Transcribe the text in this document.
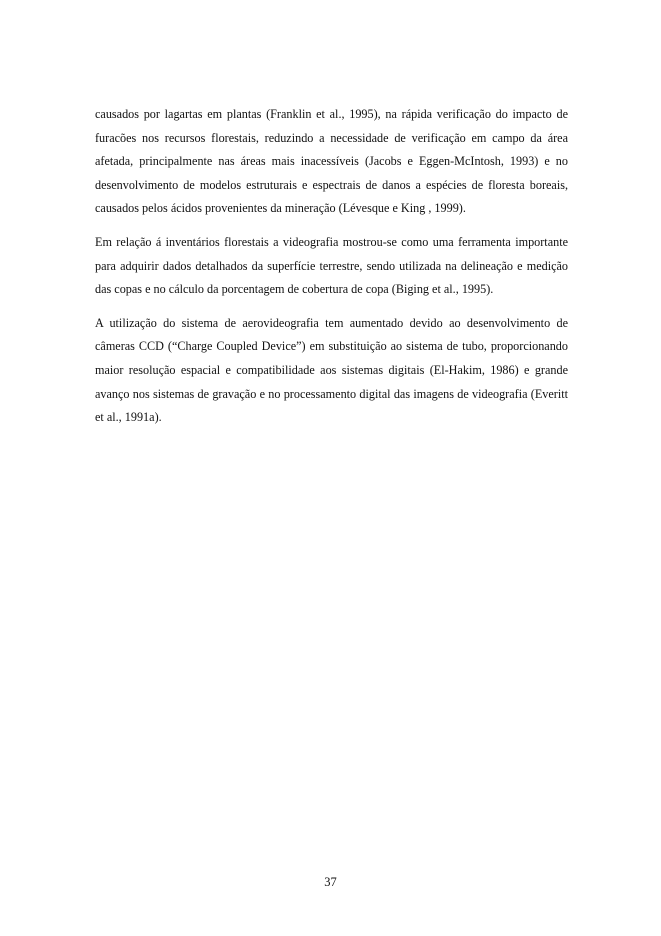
causados por lagartas em plantas (Franklin et al., 1995), na rápida verificação do impacto de furacões nos recursos florestais, reduzindo a necessidade de verificação em campo da área afetada, principalmente nas áreas mais inacessíveis (Jacobs e Eggen-McIntosh, 1993) e no desenvolvimento de modelos estruturais e espectrais de danos a espécies de floresta boreais, causados pelos ácidos provenientes da mineração (Lévesque e King , 1999).

Em relação á inventários florestais a videografia mostrou-se como uma ferramenta importante para adquirir dados detalhados da superfície terrestre, sendo utilizada na delineação e medição das copas e no cálculo da porcentagem de cobertura de copa (Biging et al., 1995).

A utilização do sistema de aerovideografia tem aumentado devido ao desenvolvimento de câmeras CCD (“Charge Coupled Device”) em substituição ao sistema de tubo, proporcionando maior resolução espacial e compatibilidade aos sistemas digitais (El-Hakim, 1986) e grande avanço nos sistemas de gravação e no processamento digital das imagens de videografia (Everitt et al., 1991a).

37
